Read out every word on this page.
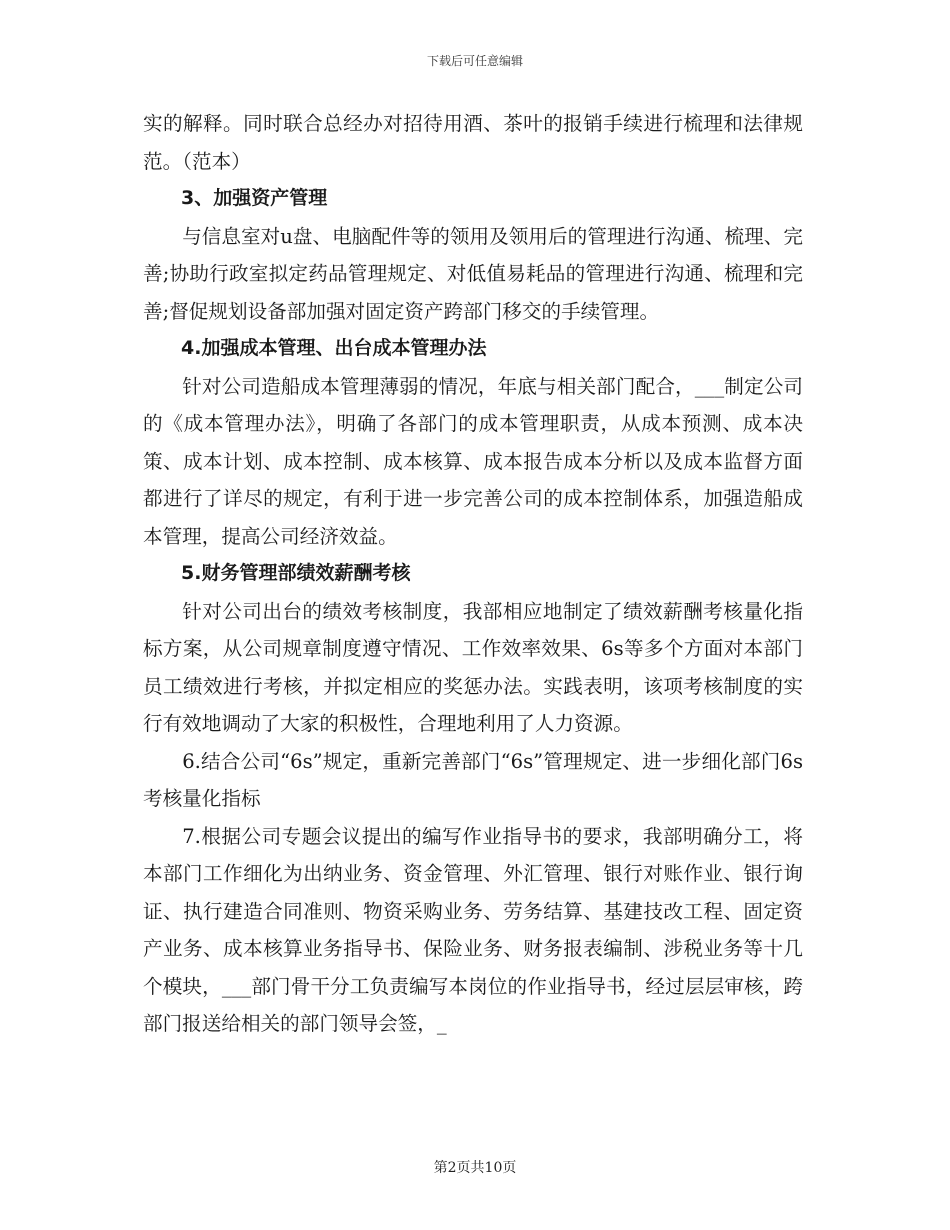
下载后可任意编辑

实的解释。同时联合总经办对招待用酒、茶叶的报销手续进行梳理和法律规范。（范本）

3、加强资产管理

与信息室对u盘、电脑配件等的领用及领用后的管理进行沟通、梳理、完善;协助行政室拟定药品管理规定、对低值易耗品的管理进行沟通、梳理和完善;督促规划设备部加强对固定资产跨部门移交的手续管理。

4.加强成本管理、出台成本管理办法

针对公司造船成本管理薄弱的情况，年底与相关部门配合，___制定公司的《成本管理办法》，明确了各部门的成本管理职责，从成本预测、成本决策、成本计划、成本控制、成本核算、成本报告成本分析以及成本监督方面都进行了详尽的规定，有利于进一步完善公司的成本控制体系，加强造船成本管理，提高公司经济效益。

5.财务管理部绩效薪酬考核

针对公司出台的绩效考核制度，我部相应地制定了绩效薪酬考核量化指标方案，从公司规章制度遵守情况、工作效率效果、6s等多个方面对本部门员工绩效进行考核，并拟定相应的奖惩办法。实践表明，该项考核制度的实行有效地调动了大家的积极性，合理地利用了人力资源。

6.结合公司“6s”规定，重新完善部门“6s”管理规定、进一步细化部门6s考核量化指标

7.根据公司专题会议提出的编写作业指导书的要求，我部明确分工，将本部门工作细化为出纳业务、资金管理、外汇管理、银行对账作业、银行询证、执行建造合同准则、物资采购业务、劳务结算、基建技改工程、固定资产业务、成本核算业务指导书、保险业务、财务报表编制、涉税业务等十几个模块，___部门骨干分工负责编写本岗位的作业指导书，经过层层审核，跨部门报送给相关的部门领导会签，_

第2页共10页
